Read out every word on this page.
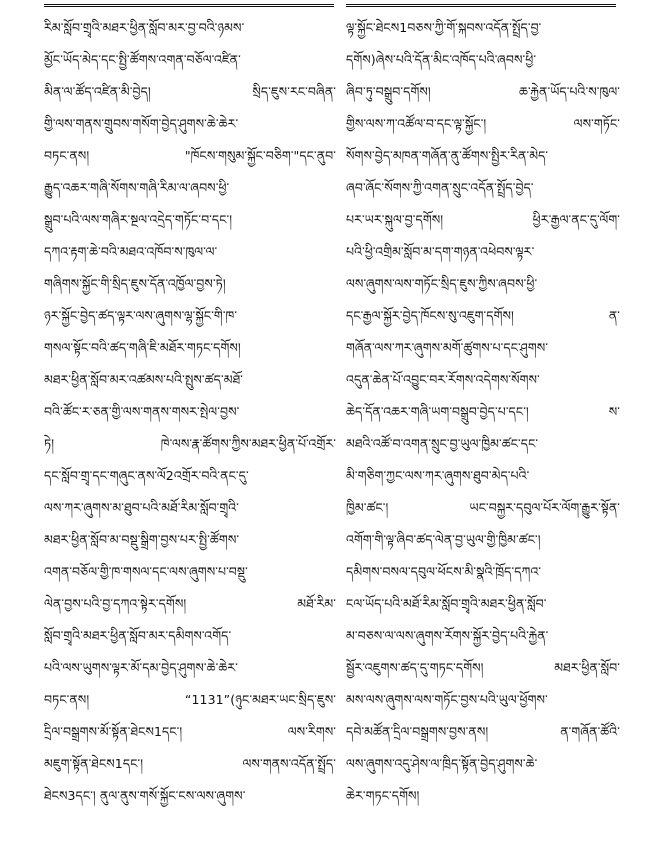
རིམ་སློབ་གྲྭའི་མཐར་ཕྱིན་སློབ་མར་བྱ་བའི་ཉམས་
མྱོང་ཡོད་མེད་དང་སྤྱི་ཚོགས་འགན་བཅོལ་འཛིན་
མིན་ལ་ཚོད་འཛིན་མི་བྱེད། སྲིད་ཇུས་རང་བཞིན་
གྱི་ལས་གནས་གྲུབས་གསོག་བྱེད་ཤུགས་ཆེ་ཆེར་
བཏང་ནས། "ཁོངས་གསུམ་སྐྱོང་བཅིག་"དང་ནུབ་
རྒྱུད་འཆར་གཞི་སོགས་གཞི་རིམ་ལ་ཞབས་ཕྱི་
སྒྲུབ་པའི་ལས་གཞིར་སྔལ་འདྲེད་གཏོང་བ་དང་།
དཀའ་རྟག་ཆེ་བའི་མཐའ་འཁོབ་ས་ཁུལ་ལ་
གཞིགས་སྐྱོང་གི་སྲིད་ཇུས་དོན་འཁྱོལ་བྱས་ཏེ།
ཉར་སྐྱོང་བྱེད་ཚད་ལྟར་ལས་ཞུགས་ལྷ་སྐྱོང་གི་ཁ་
གསལ་སྟོང་བའི་ཚད་གཞི་ཇི་མཐོར་གཏང་དགོས།
མཐར་ཕྱིན་སློབ་མར་འཚམས་པའི་སྤུས་ཚད་མཐོ་
བའི་ཚོང་ར་ཅན་གྱི་ལས་གནས་གསར་སྤེལ་བྱས་
ཏེ། ཁེ་ལས་རྣ་ཚོགས་ཀྱིས་མཐར་ཕྱིན་པོ་འགྲོར་
དང་སློབ་གྲྭ་དང་གཞུང་ནས་ལོ2འགྲོར་བའི་ནང་དུ་
ལས་ཀར་ཞུགས་མ་ཐུབ་པའི་མཐོ་རིམ་སློབ་གྲྭའི་
མཐར་ཕྱིན་སློབ་མ་བསྡུ་སྒྲིག་བྱས་པར་སྤྱི་ཚོགས་
འགན་བཅོལ་གྱི་ཁ་གསལ་དང་ལས་ཞུགས་པ་བསྡུ་
ལེན་བྱས་པའི་བྱ་དཀའ་སྟེར་དགོས། མཐོ་རིམ་
སློབ་གྲྭའི་མཐར་ཕྱིན་སློབ་མར་དམིགས་འགོད་
པའི་ལས་ཡུགས་ལྟར་མོ་དམ་བྱེད་ཤུགས་ཆེ་ཆེར་
བཏང་ནས། “1131”(ཉུང་མཐར་ཡང་སྲིད་ཇུས་
དྲིལ་བསྒྲགས་མོ་སྟོན་ཐེངས1དང་། ལས་རིགས་
མཇུག་སྟོན་ཐེངས1དང་། ལས་གནས་འདོན་སྤྲོད་
ཐེངས3དང་། ནུལ་ནུས་གསོ་སྐྱོང་ངས་ལས་ཞུགས་
ལྟ་སྐྱོང་ཐེངས1བཅས་ཀྱི་གོ་སྐབས་འདོན་སྤྲོད་བྱ་
དགོས)ཞེས་པའི་དོན་མིང་འཁོད་པའི་ཞབས་ཕྱི་
ཞིབ་ཏུ་བསྒྲུབ་དགོས། ཆ་རྐྱེན་ཡོད་པའི་ས་ཁུལ་
གྱིས་ལས་ཀ་འཚོལ་བ་དང་ལྟ་སྐྱོང་། ལས་གཏོང་
སོགས་བྱེད་མཁན་གཞོན་ནུ་ཚོགས་སྤྱིར་རིན་མེད་
ཞབ་ཞོང་སོགས་ཀྱི་འགན་སྲུང་འདོན་སྤྲོད་བྱེད་
པར་ཡར་སྐུལ་བྱ་དགོས། ཕྱིར་རྒྱལ་ནང་དུ་ལོག་
པའི་ཕྱི་འགྲིམ་སློབ་མ་དག་གཉན་འཕེབས་ལྟར་
ལས་ཞུགས་ལས་གཏོང་སྲིད་ཇུས་ཀྱིས་ཞབས་ཕྱི་
དང་རྒྱལ་སྐྱོར་བྱེད་ཁོངས་སུ་འཇུག་དགོས། ན་
གཞོན་ལས་ཀར་ཞུགས་མགོ་ཚུགས་པ་དང་ཤུགས་
འདུན་ཆེན་པོ་འབྱུང་བར་རོགས་འདེགས་སོགས་
ཆེད་དོན་འཆར་གཞི་ཡག་བསྒྲུབ་བྱེད་པ་དང་། ས་
མཐའི་འཚོ་བ་འགན་སྲུང་བྱ་ཡུལ་ཁྱིམ་ཚང་དང་
མི་གཅིག་ཀྱང་ལས་ཀར་ཞུགས་ཐུབ་མེད་པའི་
ཁྱིམ་ཚང་། ཡང་བསྐྱར་དབུལ་པོར་ལོག་རྒྱུར་སྟོན་
འགོག་གི་ལྟ་ཞིབ་ཚད་ལེན་བྱ་ཡུལ་གྱི་ཁྱིམ་ཚང་།
དམིགས་བསལ་དབུལ་ཕོངས་མི་སྣའི་ཁྲོད་དཀའ་
ངལ་ཡོད་པའི་མཐོ་རིམ་སློབ་གྲྭའི་མཐར་ཕྱིན་སློབ་
མ་བཅས་ལ་ལས་ཞུགས་རོགས་སྐྱོར་བྱེད་པའི་རྐྱེན་
སྦྱོར་འཇུགས་ཚད་དུ་གཏང་དགོས། མཐར་ཕྱིན་སློབ་
མས་ལས་ཞུགས་ལས་གཏོང་བྱས་པའི་ཡུལ་ཕྱོགས་
དབེ་མཚོན་དྲིལ་བསྒྲགས་བྱས་ནས། ན་གཞོན་ཚོའི་
ལས་ཞུགས་འདུ་ཤེས་ལ་ཁྲིད་སྟོན་བྱེད་ཤུགས་ཆེ་
ཆེར་གཏང་དགོས།
